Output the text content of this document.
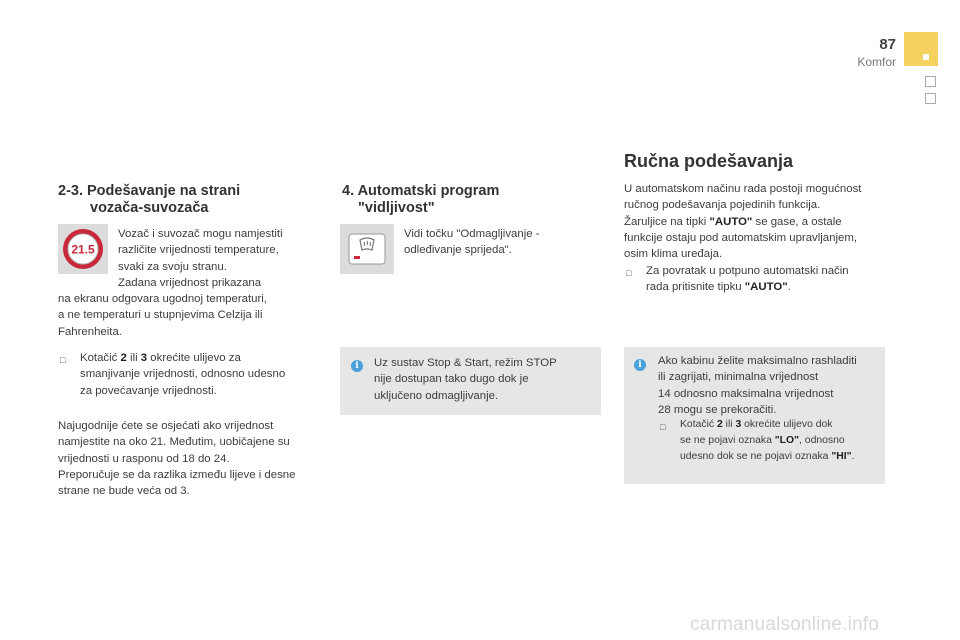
87
Komfor
2-3. Podešavanje na strani
vozača-suvozača
21.5

Vozač i suvozač mogu namjestiti
različite vrijednosti temperature,
svaki za svoju stranu.
Zadana vrijednost prikazana

na ekranu odgovara ugodnoj temperaturi,
a ne temperaturi u stupnjevima Celzija ili
Fahrenheita.

□ Kotačić 2 ili 3 okrećite ulijevo za
smanjivanje vrijednosti, odnosno udesno
za povećavanje vrijednosti.

Najugodnije ćete se osjećati ako vrijednost
namjestite na oko 21. Međutim, uobičajene su
vrijednosti u rasponu od 18 do 24.
Preporučuje se da razlika između lijeve i desne
strane ne bude veća od 3.

4. Automatski program
"vidljivost"

Vidi točku "Odmagljivanje -
odleđivanje sprijeda".

i	Uz sustav Stop & Start, režim STOP
nije dostupan tako dugo dok je
uključeno odmagljivanje.

Ručna podešavanja

U automatskom načinu rada postoji mogućnost
ručnog podešavanja pojedinih funkcija.
Žaruljice na tipki "AUTO" se gase, a ostale
funkcije ostaju pod automatskim upravljanjem,
osim klima uređaja.

□ Za povratak u potpuno automatski način
rada pritisnite tipku "AUTO".

i	Ako kabinu želite maksimalno rashladiti
ili zagrijati, minimalna vrijednost
14 odnosno maksimalna vrijednost
28 mogu se prekoračiti.

□ Kotačić 2 ili 3 okrećite ulijevo dok
se ne pojavi oznaka "LO", odnosno
udesno dok se ne pojavi oznaka "HI".

carmanualsonline.info
